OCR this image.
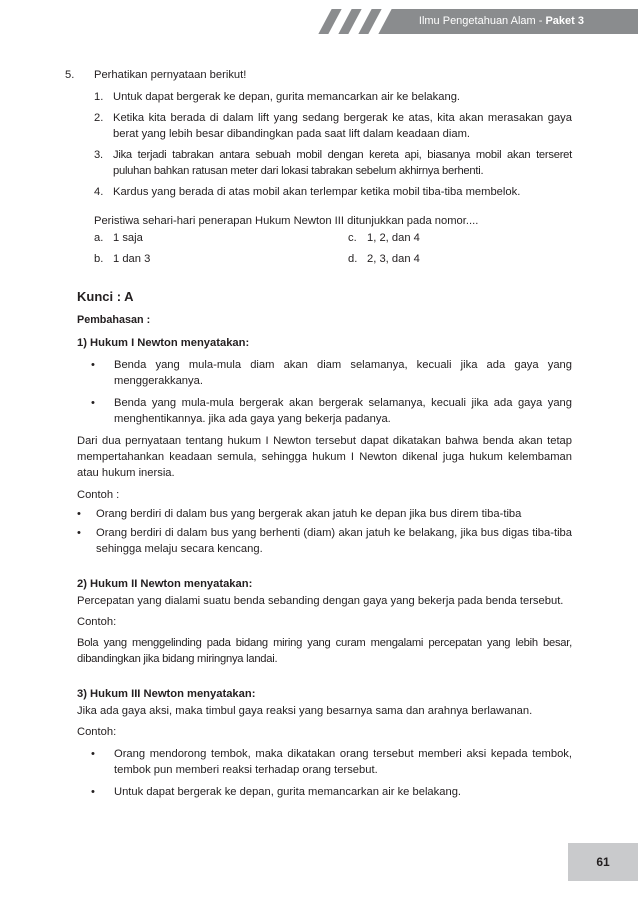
Ilmu Pengetahuan Alam - Paket 3
5. Perhatikan pernyataan berikut!

1. Untuk dapat bergerak ke depan, gurita memancarkan air ke belakang.
2. Ketika kita berada di dalam lift yang sedang bergerak ke atas, kita akan merasakan gaya berat yang lebih besar dibandingkan pada saat lift dalam keadaan diam.
3. Jika terjadi tabrakan antara sebuah mobil dengan kereta api, biasanya mobil akan terseret puluhan bahkan ratusan meter dari lokasi tabrakan sebelum akhirnya berhenti.
4. Kardus yang berada di atas mobil akan terlempar ketika mobil tiba-tiba membelok.

Peristiwa sehari-hari penerapan Hukum Newton III ditunjukkan pada nomor....

a. 1 saja	c. 1, 2, dan 4
b. 1 dan 3	d. 2, 3, dan 4

Kunci : A

Pembahasan :

1) Hukum I Newton menyatakan:

• Benda yang mula-mula diam akan diam selamanya, kecuali jika ada gaya yang menggerakkanya.
• Benda yang mula-mula bergerak akan bergerak selamanya, kecuali jika ada gaya yang menghentikannya. jika ada gaya yang bekerja padanya.

Dari dua pernyataan tentang hukum I Newton tersebut dapat dikatakan bahwa benda akan tetap mempertahankan keadaan semula, sehingga hukum I Newton dikenal juga hukum kelembaman atau hukum inersia.

Contoh :

• Orang berdiri di dalam bus yang bergerak akan jatuh ke depan jika bus direm tiba-tiba
• Orang berdiri di dalam bus yang berhenti (diam) akan jatuh ke belakang, jika bus digas tiba-tiba sehingga melaju secara kencang.

2) Hukum II Newton menyatakan:

Percepatan yang dialami suatu benda sebanding dengan gaya yang bekerja pada benda tersebut.

Contoh:

Bola yang menggelinding pada bidang miring yang curam mengalami percepatan yang lebih besar, dibandingkan jika bidang miringnya landai.

3) Hukum III Newton menyatakan:

Jika ada gaya aksi, maka timbul gaya reaksi yang besarnya sama dan arahnya berlawanan.

Contoh:

• Orang mendorong tembok, maka dikatakan orang tersebut memberi aksi kepada tembok, tembok pun memberi reaksi terhadap orang tersebut.
• Untuk dapat bergerak ke depan, gurita memancarkan air ke belakang.
61
